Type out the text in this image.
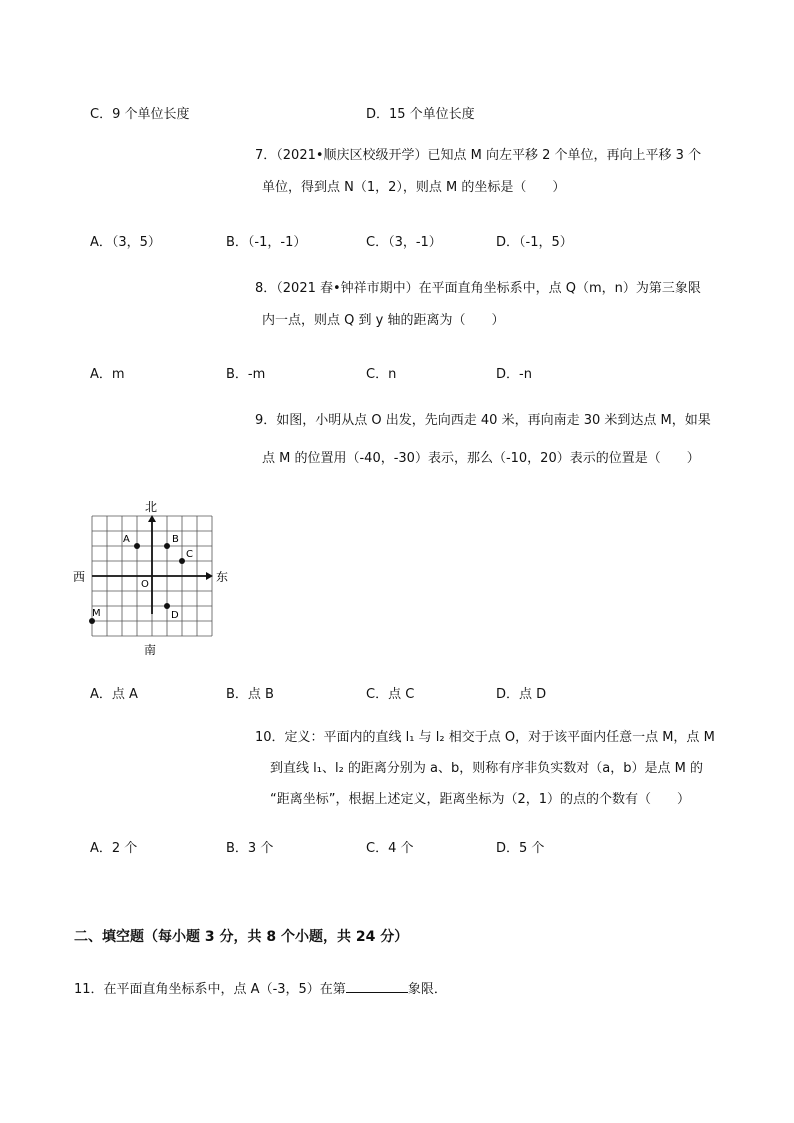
C．9 个单位长度	D．15 个单位长度
7．（2021•顺庆区校级开学）已知点 M 向左平移 2 个单位，再向上平移 3 个
单位，得到点 N（1，2），则点 M 的坐标是（　　）
A．（3，5）	B．（-1，-1）	C．（3，-1）	D．（-1，5）
8．（2021 春•钟祥市期中）在平面直角坐标系中，点 Q（m，n）为第三象限
内一点，则点 Q 到 y 轴的距离为（　　）
A．m	B．-m	C．n	D．-n
9．如图，小明从点 O 出发，先向西走 40 米，再向南走 30 米到达点 M，如果
点 M 的位置用（-40，-30）表示，那么（-10，20）表示的位置是（　　）
北
南
西	东
O
A	B
C
D
M
A．点 A	B．点 B	C．点 C	D．点 D
10．定义：平面内的直线 l₁ 与 l₂ 相交于点 O，对于该平面内任意一点 M，点 M
到直线 l₁、l₂ 的距离分别为 a、b，则称有序非负实数对（a，b）是点 M 的
“距离坐标”，根据上述定义，距离坐标为（2，1）的点的个数有（　　）
A．2 个	B．3 个	C．4 个	D．5 个
二、填空题（每小题 3 分，共 8 个小题，共 24 分）
11．在平面直角坐标系中，点 A（-3，5）在第	象限．
